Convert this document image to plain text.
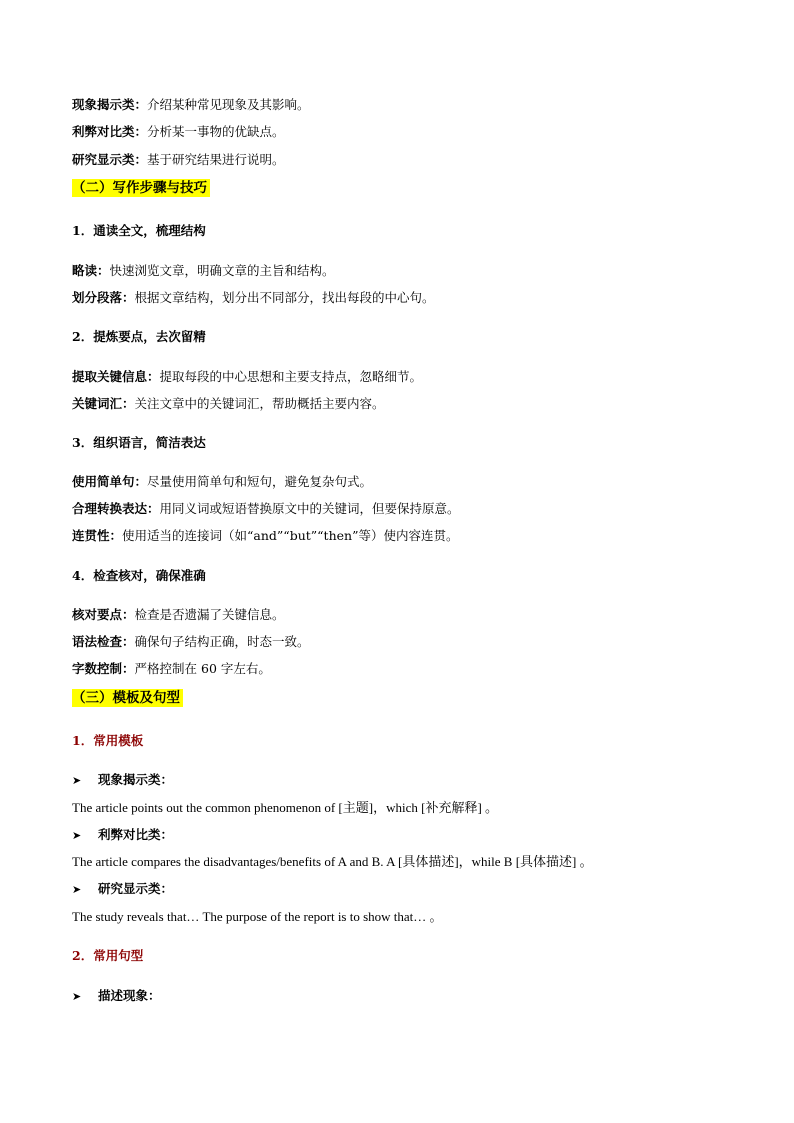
现象揭示类：介绍某种常见现象及其影响。
利弊对比类：分析某一事物的优缺点。
研究显示类：基于研究结果进行说明。
（二）写作步骤与技巧
1．通读全文，梳理结构
略读：快速浏览文章，明确文章的主旨和结构。
划分段落：根据文章结构，划分出不同部分，找出每段的中心句。
2．提炼要点，去次留精
提取关键信息：提取每段的中心思想和主要支持点，忽略细节。
关键词汇：关注文章中的关键词汇，帮助概括主要内容。
3．组织语言，简洁表达
使用简单句：尽量使用简单句和短句，避免复杂句式。
合理转换表达：用同义词或短语替换原文中的关键词，但要保持原意。
连贯性：使用适当的连接词（如“and”“but”“then”等）使内容连贯。
4．检查核对，确保准确
核对要点：检查是否遗漏了关键信息。
语法检查：确保句子结构正确，时态一致。
字数控制：严格控制在 60 字左右。
（三）模板及句型
1．常用模板
➤ 现象揭示类：
The article points out the common phenomenon of [主题]，which [补充解释] 。
➤ 利弊对比类：
The article compares the disadvantages/benefits of A and B. A [具体描述]，while B [具体描述] 。
➤ 研究显示类：
The study reveals that… The purpose of the report is to show that… 。
2．常用句型
➤ 描述现象：
